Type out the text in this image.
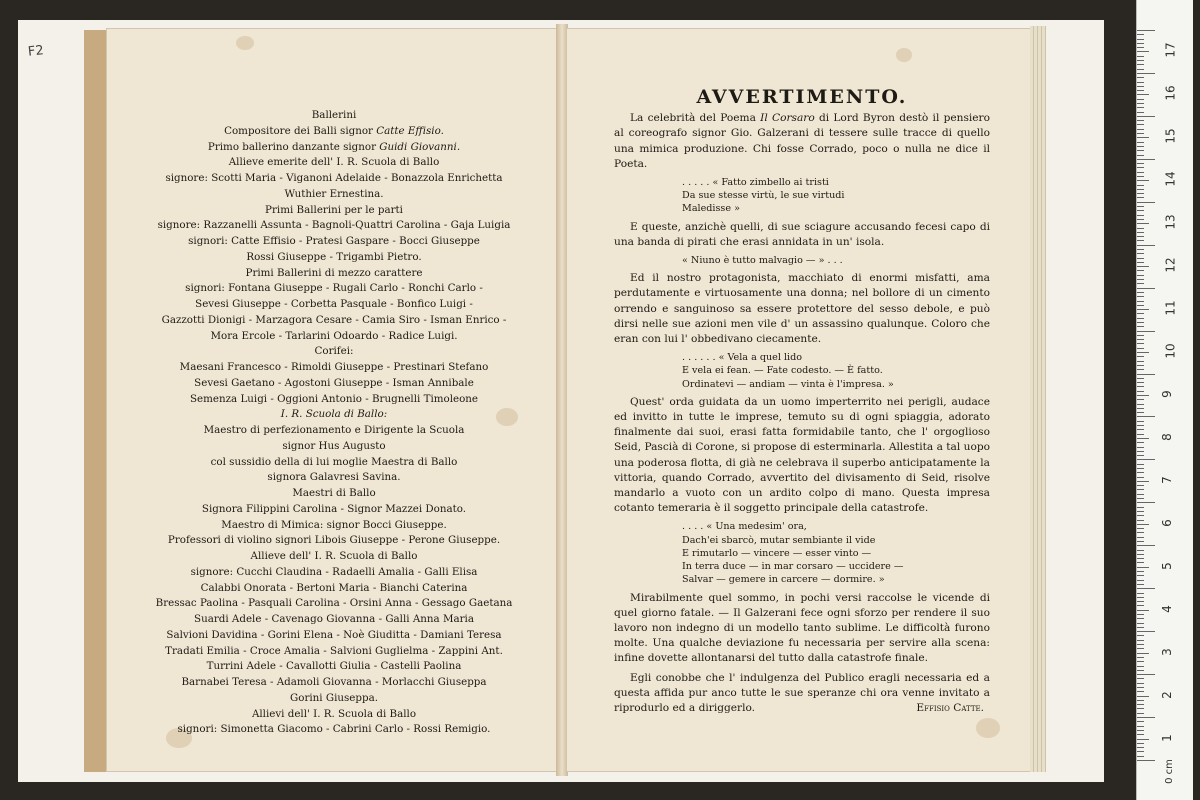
F2
Ballerini
Compositore dei Balli signor Catte Effisio.
Primo ballerino danzante signor Guidi Giovanni.
Allieve emerite dell' I. R. Scuola di Ballo
signore: Scotti Maria - Viganoni Adelaide - Bonazzola Enrichetta
Wuthier Ernestina.
Primi Ballerini per le parti
signore: Razzanelli Assunta - Bagnoli-Quattri Carolina - Gaja Luigia
signori: Catte Effisio - Pratesi Gaspare - Bocci Giuseppe
Rossi Giuseppe - Trigambi Pietro.
Primi Ballerini di mezzo carattere
signori: Fontana Giuseppe - Rugali Carlo - Ronchi Carlo -
Sevesi Giuseppe - Corbetta Pasquale - Bonfico Luigi -
Gazzotti Dionigi - Marzagora Cesare - Camia Siro - Isman Enrico -
Mora Ercole - Tarlarini Odoardo - Radice Luigi.
Corifei:
Maesani Francesco - Rimoldi Giuseppe - Prestinari Stefano
Sevesi Gaetano - Agostoni Giuseppe - Isman Annibale
Semenza Luigi - Oggioni Antonio - Brugnelli Timoleone
I. R. Scuola di Ballo:
Maestro di perfezionamento e Dirigente la Scuola
signor Hus Augusto
col sussidio della di lui moglie Maestra di Ballo
signora Galavresi Savina.
Maestri di Ballo
Signora Filippini Carolina - Signor Mazzei Donato.
Maestro di Mimica: signor Bocci Giuseppe.
Professori di violino signori Libois Giuseppe - Perone Giuseppe.
Allieve dell' I. R. Scuola di Ballo
signore: Cucchi Claudina - Radaelli Amalia - Galli Elisa
Calabbi Onorata - Bertoni Maria - Bianchi Caterina
Bressac Paolina - Pasquali Carolina - Orsini Anna - Gessago Gaetana
Suardi Adele - Cavenago Giovanna - Galli Anna Maria
Salvioni Davidina - Gorini Elena - Noè Giuditta - Damiani Teresa
Tradati Emilia - Croce Amalia - Salvioni Guglielma - Zappini Ant.
Turrini Adele - Cavallotti Giulia - Castelli Paolina
Barnabei Teresa - Adamoli Giovanna - Morlacchi Giuseppa
Gorini Giuseppa.
Allievi dell' I. R. Scuola di Ballo
signori: Simonetta Giacomo - Cabrini Carlo - Rossi Remigio.
AVVERTIMENTO.
La celebrità del Poema Il Corsaro di Lord Byron destò il pensiero al coreografo signor Gio. Galzerani di tessere sulle tracce di quello una mimica produzione. Chi fosse Corrado, poco o nulla ne dice il Poeta.
. . . . . « Fatto zimbello ai tristi
Da sue stesse virtù, le sue virtudi
Maledisse »
E queste, anzichè quelli, di sue sciagure accusando fecesi capo di una banda di pirati che erasi annidata in un' isola.
« Niuno è tutto malvagio — » . . .
Ed il nostro protagonista, macchiato di enormi misfatti, ama perdutamente e virtuosamente una donna; nel bollore di un cimento orrendo e sanguinoso sa essere protettore del sesso debole, e può dirsi nelle sue azioni men vile d' un assassino qualunque. Coloro che eran con lui l' obbedivano ciecamente.
. . . . . . « Vela a quel lido
E vela ei fean. — Fate codesto. — È fatto.
Ordinatevi — andiam — vinta è l'impresa. »
Quest' orda guidata da un uomo imperterrito nei perigli, audace ed invitto in tutte le imprese, temuto su di ogni spiaggia, adorato finalmente dai suoi, erasi fatta formidabile tanto, che l' orgoglioso Seid, Pascià di Corone, si propose di esterminarla. Allestita a tal uopo una poderosa flotta, di già ne celebrava il superbo anticipatamente la vittoria, quando Corrado, avvertito del divisamento di Seid, risolve mandarlo a vuoto con un ardito colpo di mano. Questa impresa cotanto temeraria è il soggetto principale della catastrofe.
. . . . « Una medesim' ora,
Dach'ei sbarcò, mutar sembiante il vide
E rimutarlo — vincere — esser vinto —
In terra duce — in mar corsaro — uccidere —
Salvar — gemere in carcere — dormire. »
Mirabilmente quel sommo, in pochi versi raccolse le vicende di quel giorno fatale. — Il Galzerani fece ogni sforzo per rendere il suo lavoro non indegno di un modello tanto sublime. Le difficoltà furono molte. Una qualche deviazione fu necessaria per servire alla scena: infine dovette allontanarsi del tutto dalla catastrofe finale.
Egli conobbe che l' indulgenza del Publico eragli necessaria ed a questa affida pur anco tutte le sue speranze chi ora venne invitato a riprodurlo ed a diriggerlo.	Effisio Catte.
17
16
15
14
13
12
11
10
9
8
7
6
5
4
3
2
1
0 cm
